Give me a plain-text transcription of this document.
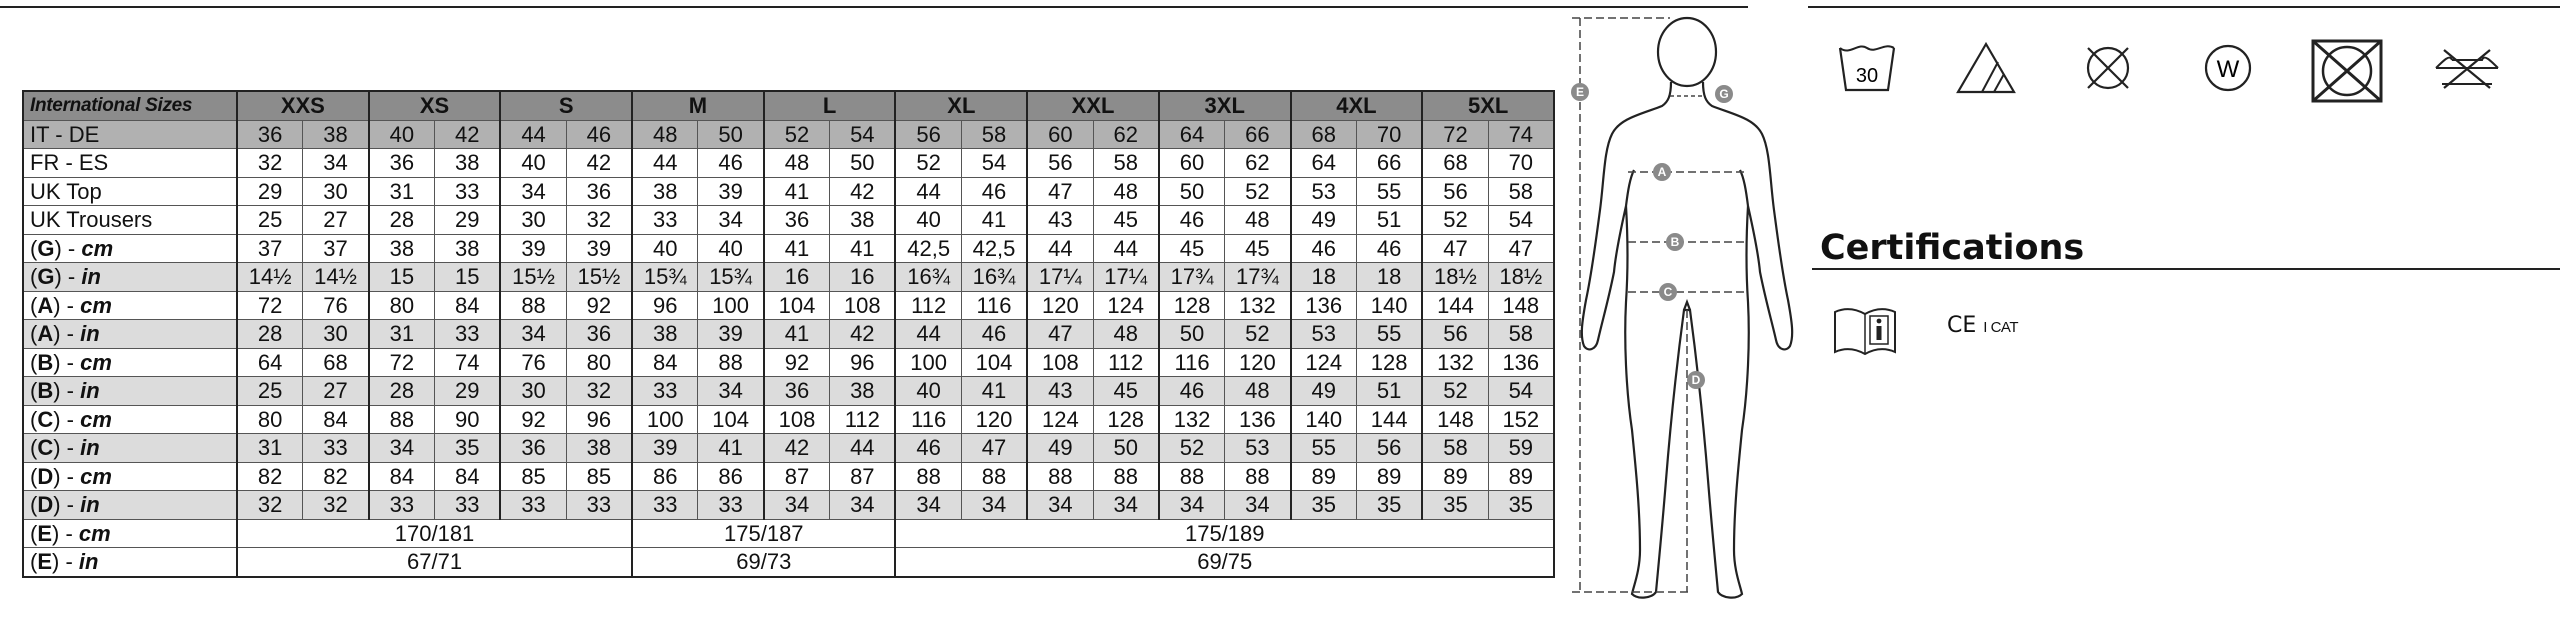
International Sizes	XXS		XS		S		M		L		XL		XXL		3XL		4XL		5XL	
IT - DE	36	38	40	42	44	46	48	50	52	54	56	58	60	62	64	66	68	70	72	74
FR - ES	32	34	36	38	40	42	44	46	48	50	52	54	56	58	60	62	64	66	68	70
UK Top	29	30	31	33	34	36	38	39	41	42	44	46	47	48	50	52	53	55	56	58
UK Trousers	25	27	28	29	30	32	33	34	36	38	40	41	43	45	46	48	49	51	52	54
(G) - cm	37	37	38	38	39	39	40	40	41	41	42,5	42,5	44	44	45	45	46	46	47	47
(G) - in	14½	14½	15	15	15½	15½	15¾	15¾	16	16	16¾	16¾	17¼	17¼	17¾	17¾	18	18	18½	18½
(A) - cm	72	76	80	84	88	92	96	100	104	108	112	116	120	124	128	132	136	140	144	148
(A) - in	28	30	31	33	34	36	38	39	41	42	44	46	47	48	50	52	53	55	56	58
(B) - cm	64	68	72	74	76	80	84	88	92	96	100	104	108	112	116	120	124	128	132	136
(B) - in	25	27	28	29	30	32	33	34	36	38	40	41	43	45	46	48	49	51	52	54
(C) - cm	80	84	88	90	92	96	100	104	108	112	116	120	124	128	132	136	140	144	148	152
(C) - in	31	33	34	35	36	38	39	41	42	44	46	47	49	50	52	53	55	56	58	59
(D) - cm	82	82	84	84	85	85	86	86	87	87	88	88	88	88	88	88	89	89	89	89
(D) - in	32	32	33	33	33	33	33	33	34	34	34	34	34	34	34	34	35	35	35	35
(E) - cm	170/181						175/187				175/189									
(E) - in	67/71						69/73				69/75									
E	G
A
B
C
D
30	W
Certifications
CE I CAT
